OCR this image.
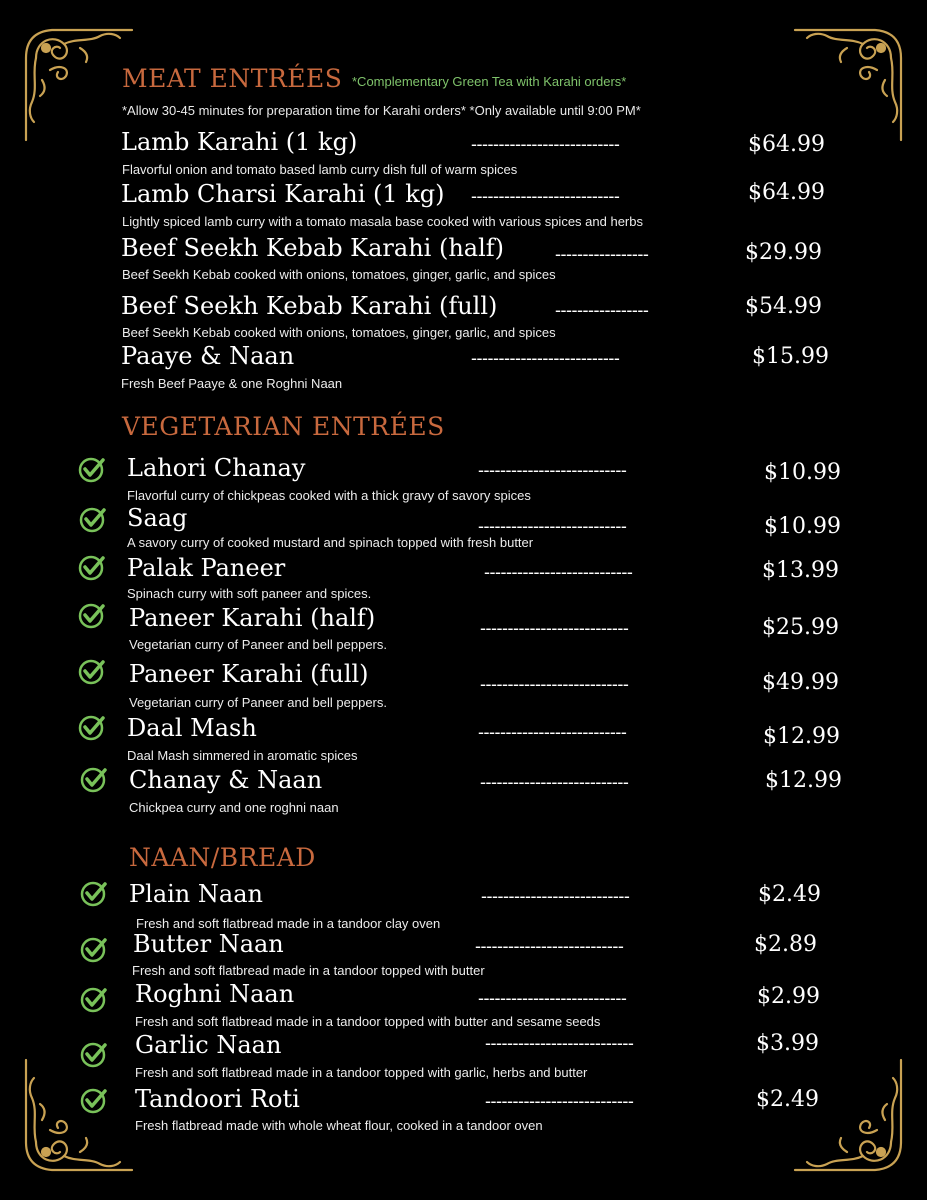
MEAT ENTRÉES *Complementary Green Tea with Karahi orders*
*Allow 30-45 minutes for preparation time for Karahi orders* *Only available until 9:00 PM*
Lamb Karahi (1 kg)	---------------------------	$64.99
Flavorful onion and tomato based lamb curry dish full of warm spices
Lamb Charsi Karahi (1 kg) ---------------------------	$64.99
Lightly spiced lamb curry with a tomato masala base cooked with various spices and herbs
Beef Seekh Kebab Karahi (half)	-----------------	$29.99
Beef Seekh Kebab cooked with onions, tomatoes, ginger, garlic, and spices
Beef Seekh Kebab Karahi (full)	-----------------	$54.99
Beef Seekh Kebab cooked with onions, tomatoes, ginger, garlic, and spices
Paaye & Naan	---------------------------	$15.99
Fresh Beef Paaye & one Roghni Naan
VEGETARIAN ENTRÉES
Lahori Chanay	---------------------------	$10.99
Flavorful curry of chickpeas cooked with a thick gravy of savory spices
Saag	---------------------------	$10.99
A savory curry of cooked mustard and spinach topped with fresh butter
Palak Paneer	---------------------------	$13.99
Spinach curry with soft paneer and spices.
Paneer Karahi (half)	---------------------------	$25.99
Vegetarian curry of Paneer and bell peppers.
Paneer Karahi (full)	---------------------------	$49.99
Vegetarian curry of Paneer and bell peppers.
Daal Mash	---------------------------	$12.99
Daal Mash simmered in aromatic spices
Chanay & Naan	---------------------------	$12.99
Chickpea curry and one roghni naan
NAAN/BREAD
Plain Naan	---------------------------	$2.49
Fresh and soft flatbread made in a tandoor clay oven
Butter Naan	---------------------------	$2.89
Fresh and soft flatbread made in a tandoor topped with butter
Roghni Naan	---------------------------	$2.99
Fresh and soft flatbread made in a tandoor topped with butter and sesame seeds
Garlic Naan	---------------------------	$3.99
Fresh and soft flatbread made in a tandoor topped with garlic, herbs and butter
Tandoori Roti	---------------------------	$2.49
Fresh flatbread made with whole wheat flour, cooked in a tandoor oven
